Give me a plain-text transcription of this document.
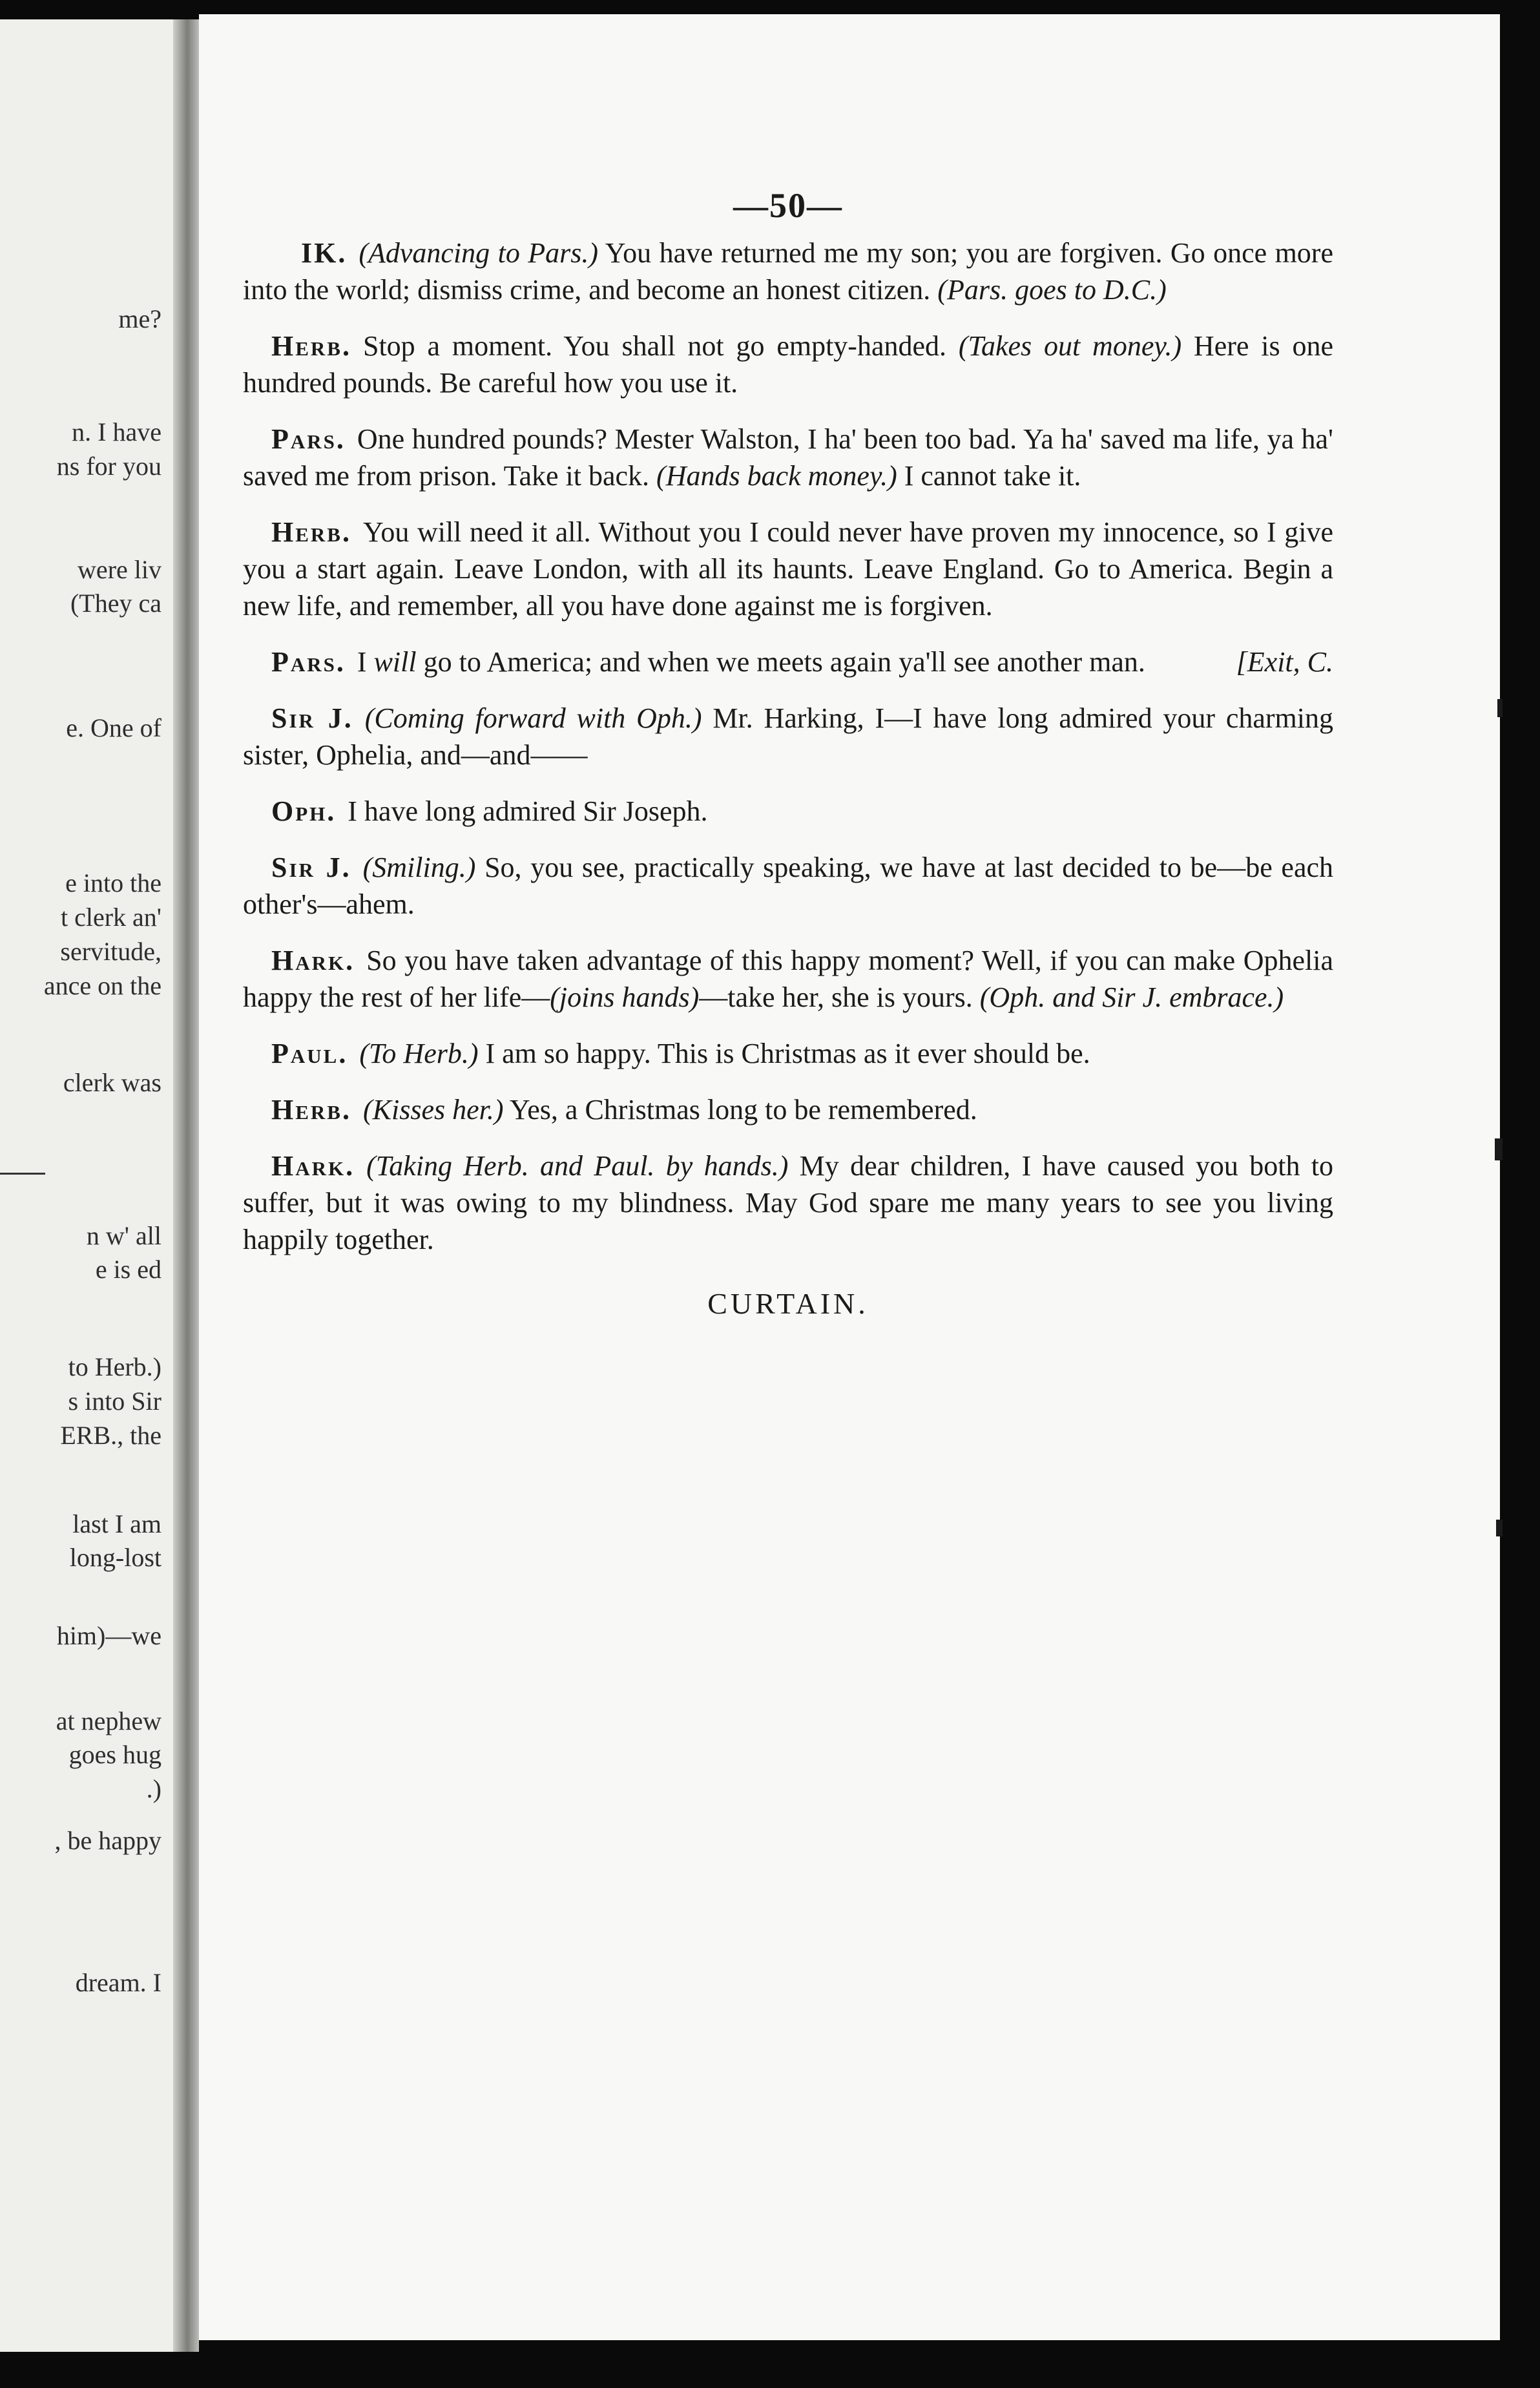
me?
n. I have
ns for you
were liv
(They ca
e. One of
e into the
t clerk an'
servitude,
ance on the
clerk was
n w' all
e is ed
to Herb.)
s into Sir
ERB., the
last I am
long-lost
him)—we
at nephew
goes hug
.)
, be happy
dream. I
—50—

IK. (Advancing to Pars.) You have returned me my son; you are forgiven. Go once more into the world; dismiss crime, and become an honest citizen. (Pars. goes to D.C.)

Herb. Stop a moment. You shall not go empty-handed. (Takes out money.) Here is one hundred pounds. Be careful how you use it.

Pars. One hundred pounds? Mester Walston, I ha' been too bad. Ya ha' saved ma life, ya ha' saved me from prison. Take it back. (Hands back money.) I cannot take it.

Herb. You will need it all. Without you I could never have proven my innocence, so I give you a start again. Leave London, with all its haunts. Leave England. Go to America. Begin a new life, and remember, all you have done against me is forgiven.

Pars. I will go to America; and when we meets again ya'll see another man.	[Exit, C.

Sir J. (Coming forward with Oph.) Mr. Harking, I—I have long admired your charming sister, Ophelia, and—and——

Oph. I have long admired Sir Joseph.

Sir J. (Smiling.) So, you see, practically speaking, we have at last decided to be—be each other's—ahem.

Hark. So you have taken advantage of this happy moment? Well, if you can make Ophelia happy the rest of her life—(joins hands)—take her, she is yours. (Oph. and Sir J. embrace.)

Paul. (To Herb.) I am so happy. This is Christmas as it ever should be.

Herb. (Kisses her.) Yes, a Christmas long to be remembered.

Hark. (Taking Herb. and Paul. by hands.) My dear children, I have caused you both to suffer, but it was owing to my blindness. May God spare me many years to see you living happily together.

CURTAIN.
